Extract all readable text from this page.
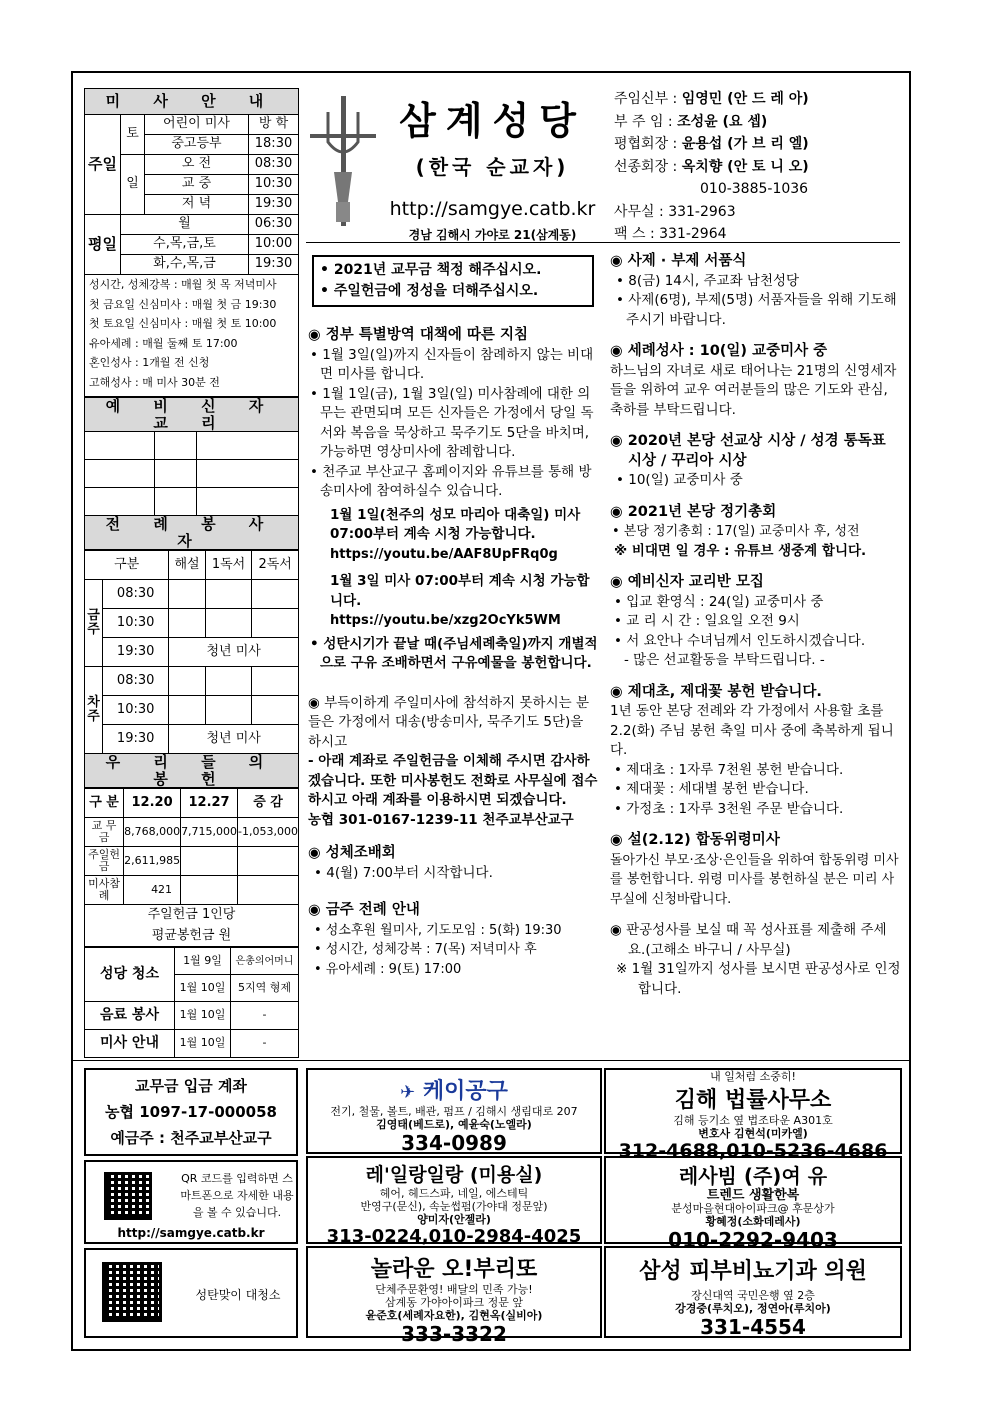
미 사 안 내			
주일	토	어린이 미사	방 학
		중고등부	18:30
	일	오 전	08:30
		교 중	10:30
		저 녁	19:30
평일	월		06:30
	수,목,금,토		10:00
	화,수,목,금		19:30
성시간, 성체강복 : 매월 첫 목 저녁미사
첫 금요일 신심미사 : 매월 첫 금 19:30
첫 토요일 신심미사 : 매월 첫 토 10:00
유아세례 : 매월 둘째 토 17:00
혼인성사 : 1개월 전 신청
고해성사 : 매 미사 30분 전
예 비 신 자 교 리		

전 례 봉 사 자		
구분		해설	1독서	2독서
금주	08:30			
	10:30			
	19:30	청년 미사		
차주	08:30			
	10:30			
	19:30	청년 미사		
우 리 들 의 봉 헌				
구 분	12.20	12.27	증 감
교 무 금	8,768,000	7,715,000	-1,053,000
주일헌금	2,611,985		
미사참례	421		
주일헌금 1인당			
평균봉헌금 원			
성당 청소	1월 9일	은총의어머니
	1월 10일	5지역 형제
음료 봉사	1월 10일	-
미사 안내	1월 10일	-
삼계성당
(한국 순교자)
http://samgye.catb.kr
경남 김해시 가야로 21(삼계동)
주임신부 : 임영민 (안 드 레 아)
부 주 임 : 조성윤 (요 셉)
평협회장 : 윤용섭 (가 브 리 엘)
선종회장 : 옥치향 (안 토 니 오)
010-3885-1036
사무실 : 331-2963
팩 스 : 331-2964
• 2021년 교무금 책정 해주십시오.
• 주일헌금에 정성을 더해주십시오.
◉ 정부 특별방역 대책에 따른 지침
• 1월 3일(일)까지 신자들이 참례하지 않는 비대면 미사를 합니다.
• 1월 1일(금), 1월 3일(일) 미사참례에 대한 의무는 관면되며 모든 신자들은 가정에서 당일 독서와 복음을 묵상하고 묵주기도 5단을 바치며, 가능하면 영상미사에 참례합니다.
• 천주교 부산교구 홈페이지와 유튜브를 통해 방송미사에 참여하실수 있습니다.
1월 1일(천주의 성모 마리아 대축일) 미사 07:00부터 계속 시청 가능합니다.
https://youtu.be/AAF8UpFRq0g
1월 3일 미사 07:00부터 계속 시청 가능합니다.
https://youtu.be/xzg2OcYk5WM
• 성탄시기가 끝날 때(주님세례축일)까지 개별적으로 구유 조배하면서 구유예물을 봉헌합니다.
◉ 부득이하게 주일미사에 참석하지 못하시는 분들은 가정에서 대송(방송미사, 묵주기도 5단)을 하시고
- 아래 계좌로 주일헌금을 이체해 주시면 감사하겠습니다. 또한 미사봉헌도 전화로 사무실에 접수하시고 아래 계좌를 이용하시면 되겠습니다.
농협 301-0167-1239-11 천주교부산교구
◉ 성체조배회
• 4(월) 7:00부터 시작합니다.
◉ 금주 전례 안내
• 성소후원 월미사, 기도모임 : 5(화) 19:30
• 성시간, 성체강복 : 7(목) 저녁미사 후
• 유아세례 : 9(토) 17:00
◉ 사제 · 부제 서품식
• 8(금) 14시, 주교좌 남천성당
• 사제(6명), 부제(5명) 서품자들을 위해 기도해 주시기 바랍니다.
◉ 세례성사 : 10(일) 교중미사 중
하느님의 자녀로 새로 태어나는 21명의 신영세자들을 위하여 교우 여러분들의 많은 기도와 관심, 축하를 부탁드립니다.
◉ 2020년 본당 선교상 시상 / 성경 통독표 시상 / 꾸리아 시상
• 10(일) 교중미사 중
◉ 2021년 본당 정기총회
• 본당 정기총회 : 17(일) 교중미사 후, 성전
※ 비대면 일 경우 : 유튜브 생중계 합니다.
◉ 예비신자 교리반 모집
• 입교 환영식 : 24(일) 교중미사 중
• 교 리 시 간 : 일요일 오전 9시
• 서 요안나 수녀님께서 인도하시겠습니다.
- 많은 선교활동을 부탁드립니다. -
◉ 제대초, 제대꽃 봉헌 받습니다.
1년 동안 본당 전례와 각 가정에서 사용할 초를 2.2(화) 주님 봉헌 축일 미사 중에 축복하게 됩니다.
• 제대초 : 1자루 7천원 봉헌 받습니다.
• 제대꽃 : 세대별 봉헌 받습니다.
• 가정초 : 1자루 3천원 주문 받습니다.
◉ 설(2.12) 합동위령미사
돌아가신 부모·조상·은인들을 위하여 합동위령 미사를 봉헌합니다. 위령 미사를 봉헌하실 분은 미리 사무실에 신청바랍니다.
◉ 판공성사를 보실 때 꼭 성사표를 제출해 주세요.(고해소 바구니 / 사무실)
※ 1월 31일까지 성사를 보시면 판공성사로 인정합니다.
교무금 입금 계좌
농협 1097-17-000058
예금주 : 천주교부산교구
QR 코드를 입력하면 스마트폰으로 자세한 내용을 볼 수 있습니다.
http://samgye.catb.kr
성탄맞이 대청소
✈ 케이공구
전기, 철물, 볼트, 배관, 펌프 / 김해시 생림대로 207
김영태(베드로), 예윤숙(노엘라)
334-0989
내 일처럼 소중히!
김해 법률사무소
김해 등기소 옆 법조타운 A301호
변호사 김현석(미카엘)
312-4688,010-5236-4686
레'일랑일랑 (미용실)
헤어, 헤드스파, 네일, 에스테틱
반영구(문신), 속눈썹펌(가야대 정문앞)
양미자(안젤라)
313-0224,010-2984-4025
레사빔 (주)여 유
트렌드 생활한복
분성마을현대아이파크@ 후문상가
황혜정(소화데레사)
010-2292-9403
놀라운 오!부리또
단체주문환영! 배달의 민족 가능!
삼계동 가야아이파크 정문 앞
윤준호(세례자요한), 김현옥(실비아)
333-3322
삼성 피부비뇨기과 의원
장신대역 국민은행 옆 2층
강경중(루치오), 정연아(루치아)
331-4554
